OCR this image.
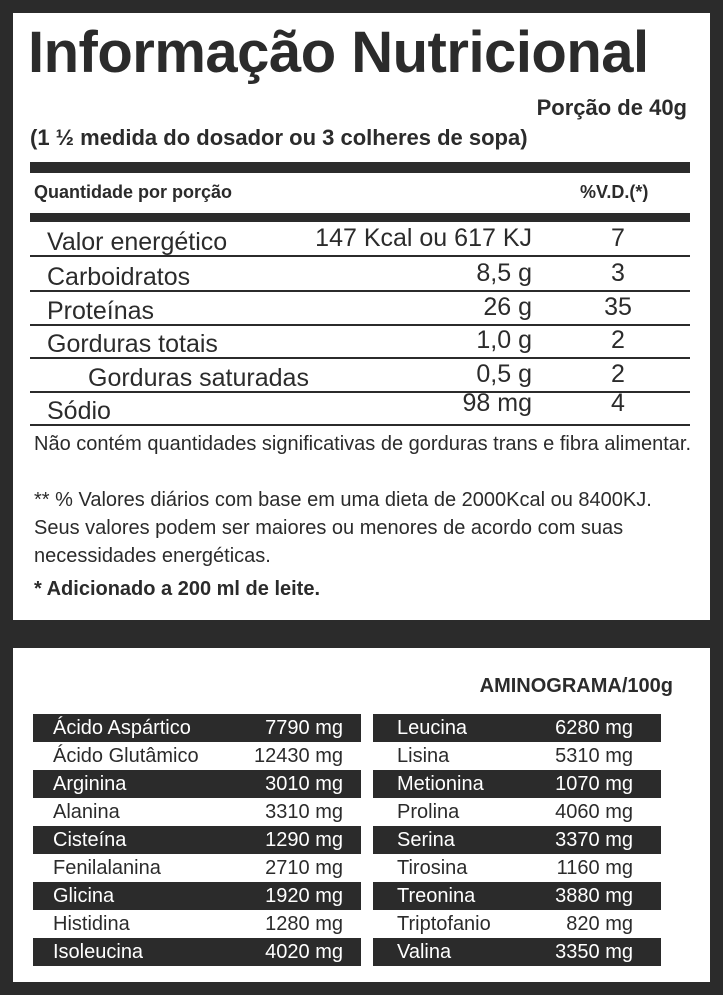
Informação Nutricional
Porção de 40g
(1 ½ medida do dosador ou 3 colheres de sopa)
Quantidade por porção	%V.D.(*)
Valor energético	147 Kcal ou 617 KJ	7
Carboidratos	8,5 g	3
Proteínas	26 g	35
Gorduras totais	1,0 g	2
Gorduras saturadas	0,5 g	2
Sódio	98 mg	4
Não contém quantidades significativas de gorduras trans e fibra alimentar.
** % Valores diários com base em uma dieta de 2000Kcal ou 8400KJ. Seus valores podem ser maiores ou menores de acordo com suas necessidades energéticas.
* Adicionado a 200 ml de leite.
AMINOGRAMA/100g
Ácido Aspártico	7790 mg
Ácido Glutâmico	12430 mg
Arginina	3010 mg
Alanina	3310 mg
Cisteína	1290 mg
Fenilalanina	2710 mg
Glicina	1920 mg
Histidina	1280 mg
Isoleucina	4020 mg
Leucina	6280 mg
Lisina	5310 mg
Metionina	1070 mg
Prolina	4060 mg
Serina	3370 mg
Tirosina	1160 mg
Treonina	3880 mg
Triptofanio	820 mg
Valina	3350 mg
